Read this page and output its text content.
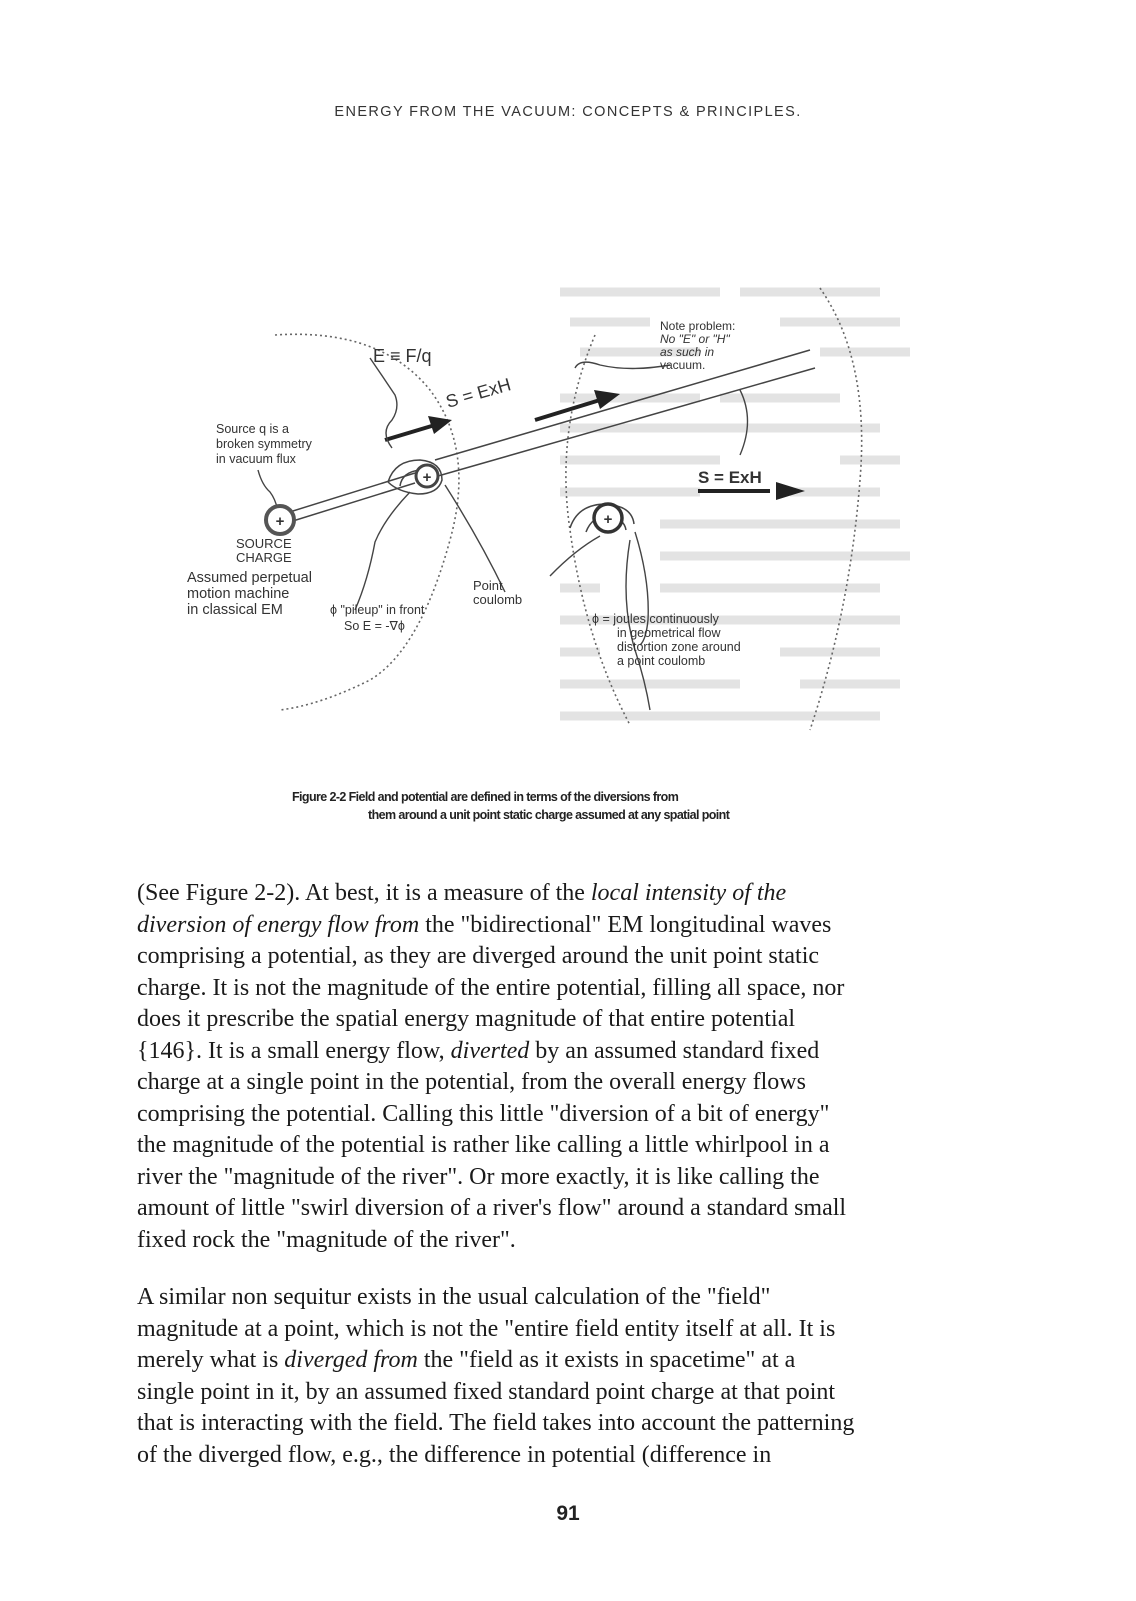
ENERGY FROM THE VACUUM: CONCEPTS & PRINCIPLES.
+
+
+
E ≡ F/q
S = ExH
Source q is a
broken symmetry
in vacuum flux
SOURCE
CHARGE
Assumed perpetual
motion machine
in classical EM	ϕ "pileup" in front
So E = -∇ϕ
Point
coulomb
Note problem:
No "E" or "H"
as such in
vacuum.
S = ExH
ϕ = joules continuously
in geometrical flow
distortion zone around
a point coulomb
Figure 2-2 Field and potential are defined in terms of the diversions from
them around a unit point static charge assumed at any spatial point

(See Figure 2-2). At best, it is a measure of the local intensity of the
diversion of energy flow from the "bidirectional" EM longitudinal waves
comprising a potential, as they are diverged around the unit point static
charge. It is not the magnitude of the entire potential, filling all space, nor
does it prescribe the spatial energy magnitude of that entire potential
{146}. It is a small energy flow, diverted by an assumed standard fixed
charge at a single point in the potential, from the overall energy flows
comprising the potential. Calling this little "diversion of a bit of energy"
the magnitude of the potential is rather like calling a little whirlpool in a
river the "magnitude of the river". Or more exactly, it is like calling the
amount of little "swirl diversion of a river's flow" around a standard small
fixed rock the "magnitude of the river".

A similar non sequitur exists in the usual calculation of the "field"
magnitude at a point, which is not the "entire field entity itself at all. It is
merely what is diverged from the "field as it exists in spacetime" at a
single point in it, by an assumed fixed standard point charge at that point
that is interacting with the field. The field takes into account the patterning
of the diverged flow, e.g., the difference in potential (difference in

91
